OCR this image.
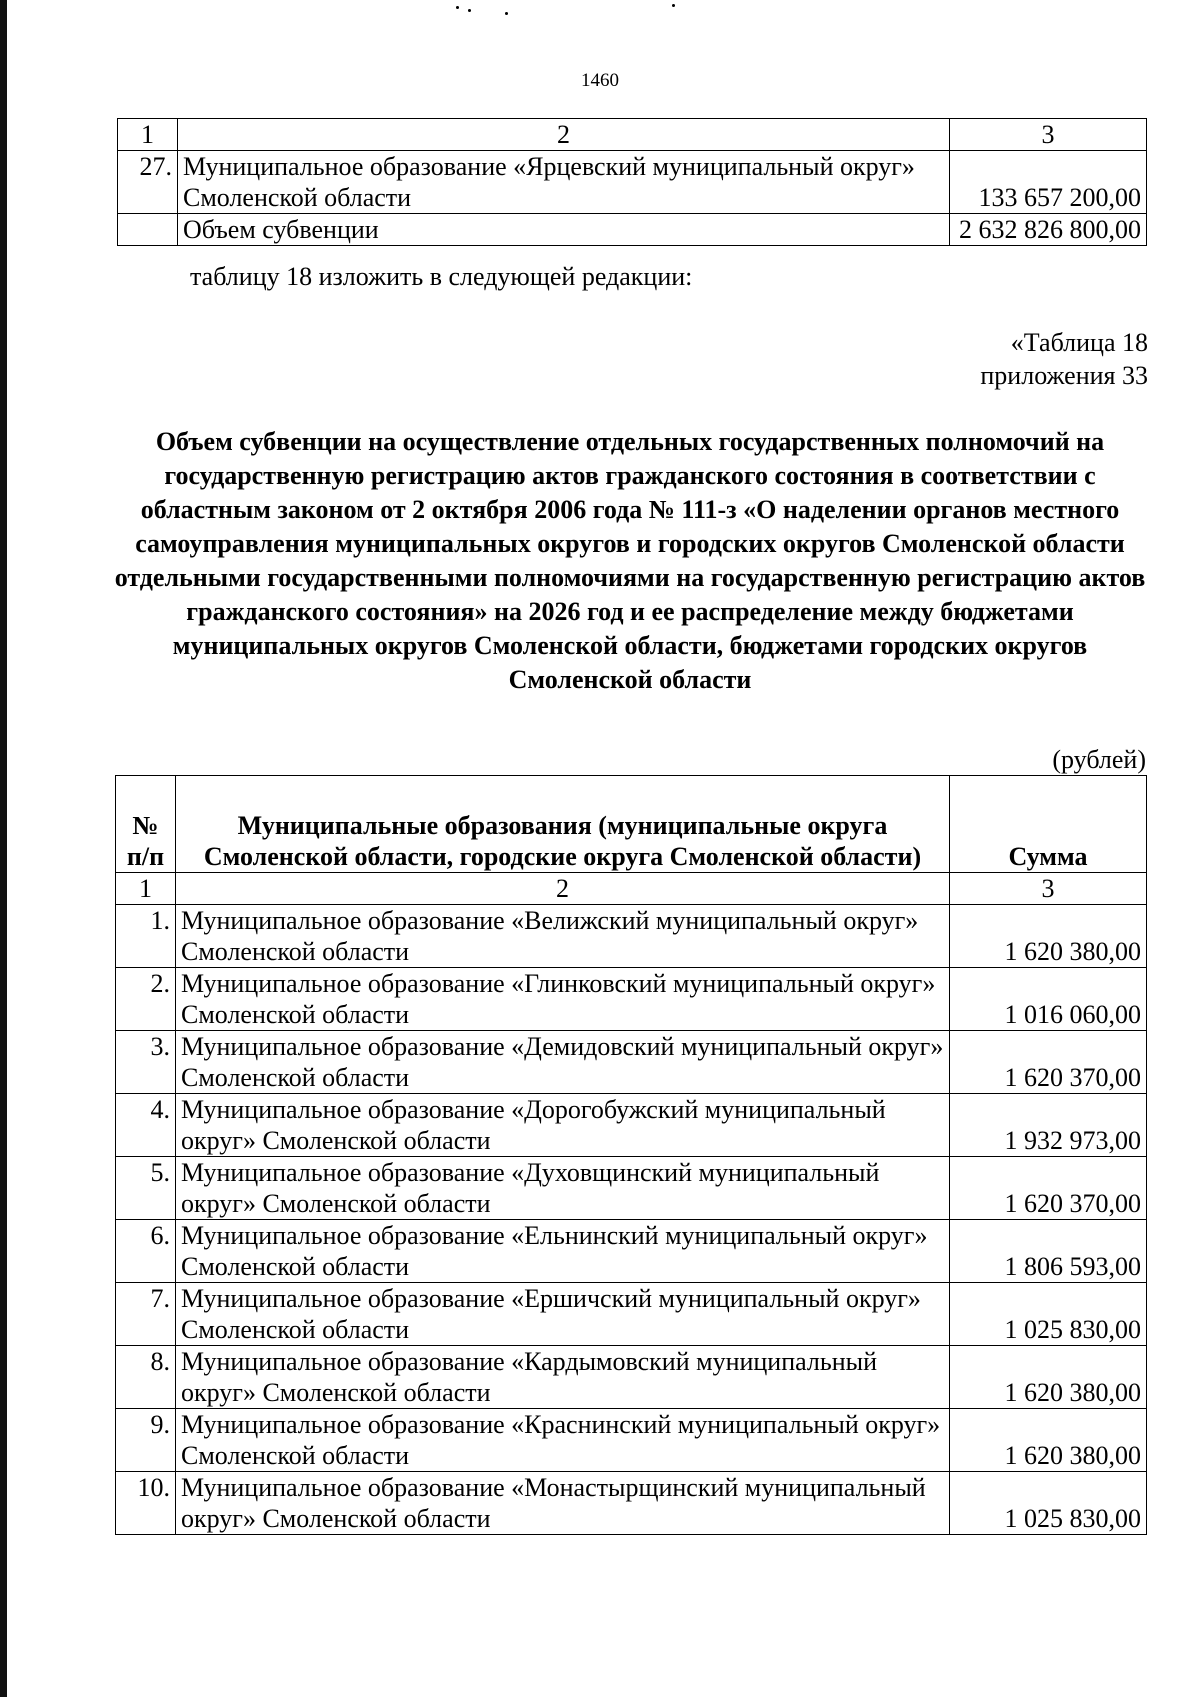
1460
1	2	3
27.	Муниципальное образование «Ярцевский муниципальный округ» Смоленской области	133 657 200,00
	Объем субвенции	2 632 826 800,00
таблицу 18 изложить в следующей редакции:
«Таблица 18
приложения 33
Объем субвенции на осуществление отдельных государственных полномочий на государственную регистрацию актов гражданского состояния в соответствии с областным законом от 2 октября 2006 года № 111-з «О наделении органов местного самоуправления муниципальных округов и городских округов Смоленской области отдельными государственными полномочиями на государственную регистрацию актов гражданского состояния» на 2026 год и ее распределение между бюджетами муниципальных округов Смоленской области, бюджетами городских округов Смоленской области
(рублей)
№ п/п	Муниципальные образования (муниципальные округа Смоленской области, городские округа Смоленской области)	Сумма
1	2	3
1.	Муниципальное образование «Велижский муниципальный округ» Смоленской области	1 620 380,00
2.	Муниципальное образование «Глинковский муниципальный округ» Смоленской области	1 016 060,00
3.	Муниципальное образование «Демидовский муниципальный округ» Смоленской области	1 620 370,00
4.	Муниципальное образование «Дорогобужский муниципальный округ» Смоленской области	1 932 973,00
5.	Муниципальное образование «Духовщинский муниципальный округ» Смоленской области	1 620 370,00
6.	Муниципальное образование «Ельнинский муниципальный округ» Смоленской области	1 806 593,00
7.	Муниципальное образование «Ершичский муниципальный округ» Смоленской области	1 025 830,00
8.	Муниципальное образование «Кардымовский муниципальный округ» Смоленской области	1 620 380,00
9.	Муниципальное образование «Краснинский муниципальный округ» Смоленской области	1 620 380,00
10.	Муниципальное образование «Монастырщинский муниципальный округ» Смоленской области	1 025 830,00
